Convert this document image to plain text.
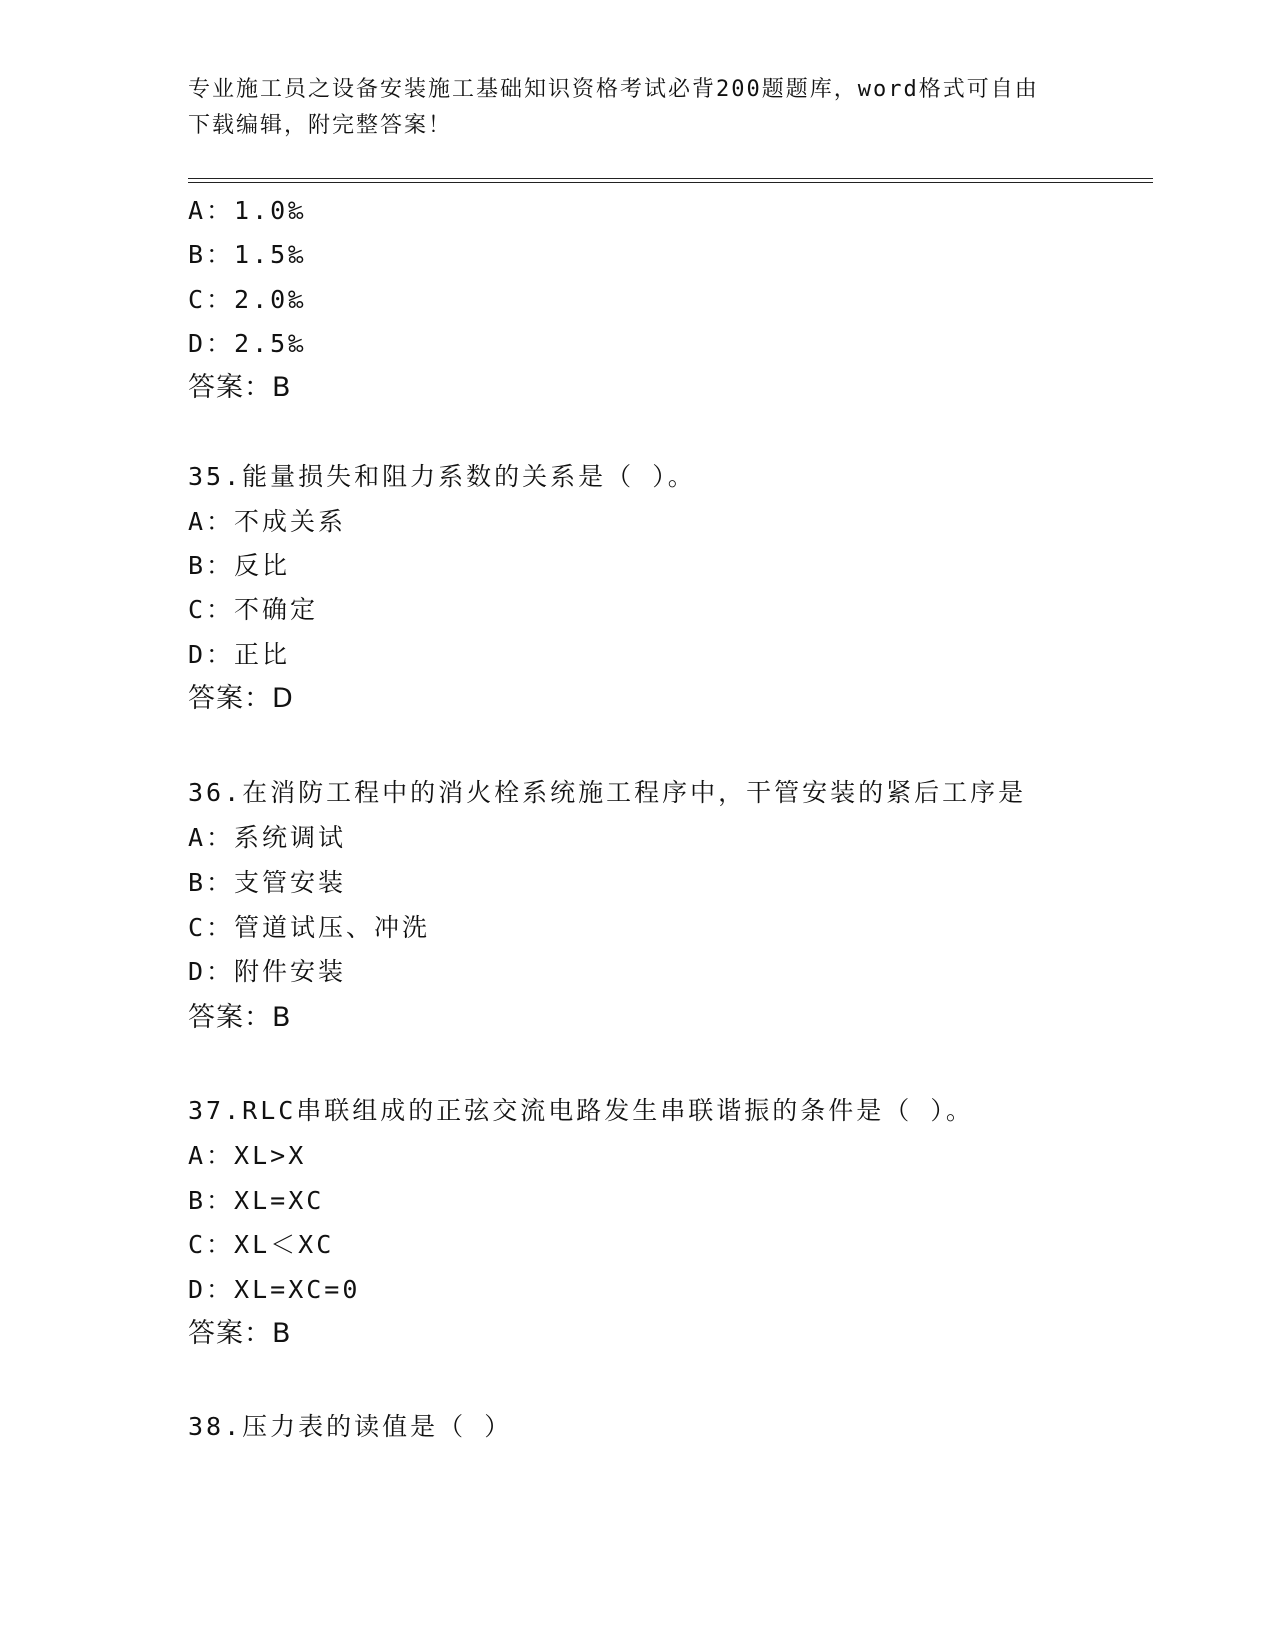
专业施工员之设备安装施工基础知识资格考试必背200题题库，word格式可自由
下载编辑，附完整答案！
A：1.0‰
B：1.5‰
C：2.0‰
D：2.5‰
答案：B
35.能量损失和阻力系数的关系是（ ）。
A：不成关系
B：反比
C：不确定
D：正比
答案：D
36.在消防工程中的消火栓系统施工程序中，干管安装的紧后工序是
A：系统调试
B：支管安装
C：管道试压、冲洗
D：附件安装
答案：B
37.RLC串联组成的正弦交流电路发生串联谐振的条件是（ ）。
A：XL>X
B：XL=XC
C：XL＜XC
D：XL=XC=0
答案：B
38.压力表的读值是（ ）
